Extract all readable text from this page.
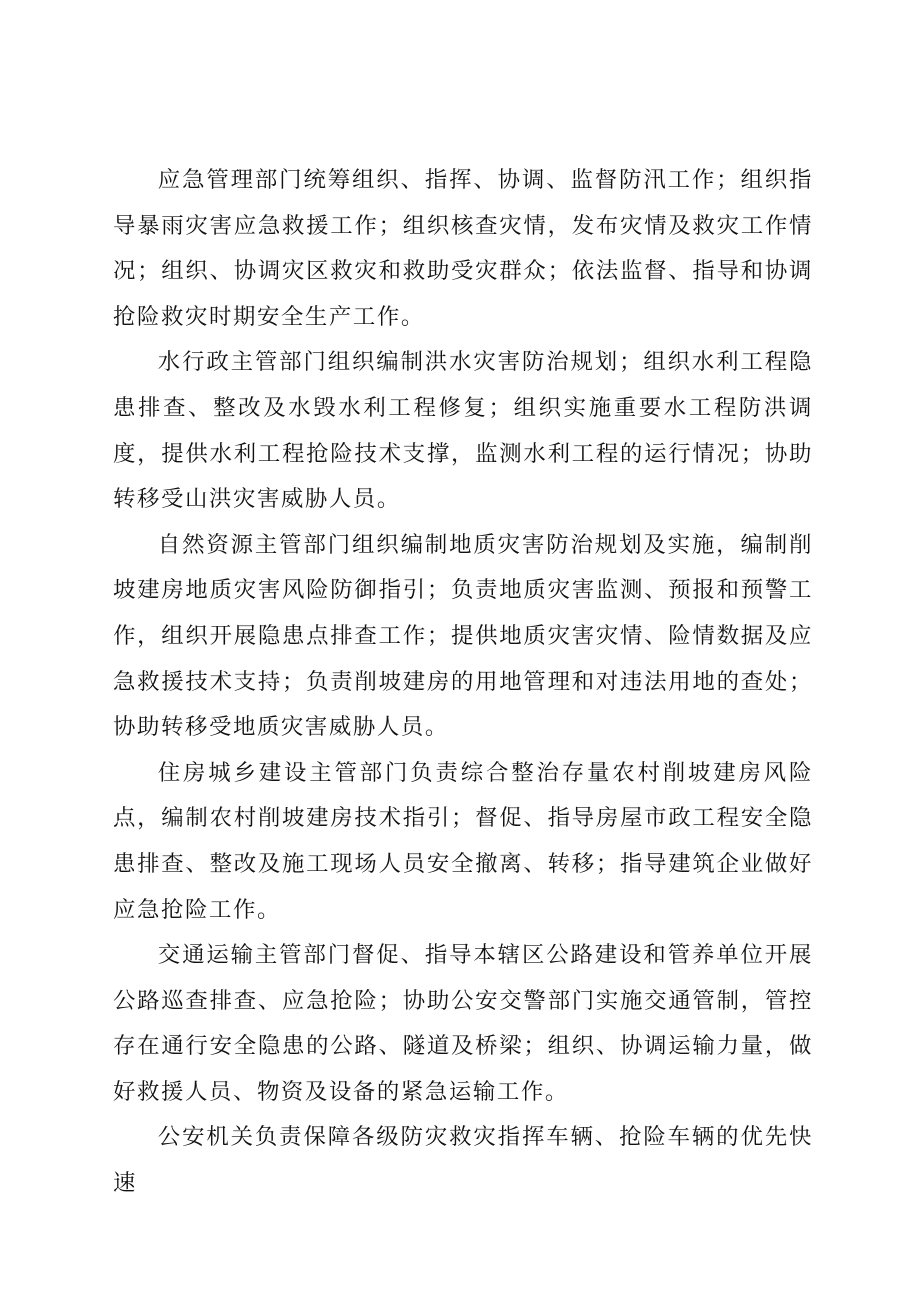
应急管理部门统筹组织、指挥、协调、监督防汛工作；组织指导暴雨灾害应急救援工作；组织核查灾情，发布灾情及救灾工作情况；组织、协调灾区救灾和救助受灾群众；依法监督、指导和协调抢险救灾时期安全生产工作。

水行政主管部门组织编制洪水灾害防治规划；组织水利工程隐患排查、整改及水毁水利工程修复；组织实施重要水工程防洪调度，提供水利工程抢险技术支撑，监测水利工程的运行情况；协助转移受山洪灾害威胁人员。

自然资源主管部门组织编制地质灾害防治规划及实施，编制削坡建房地质灾害风险防御指引；负责地质灾害监测、预报和预警工作，组织开展隐患点排查工作；提供地质灾害灾情、险情数据及应急救援技术支持；负责削坡建房的用地管理和对违法用地的查处；协助转移受地质灾害威胁人员。

住房城乡建设主管部门负责综合整治存量农村削坡建房风险点，编制农村削坡建房技术指引；督促、指导房屋市政工程安全隐患排查、整改及施工现场人员安全撤离、转移；指导建筑企业做好应急抢险工作。

交通运输主管部门督促、指导本辖区公路建设和管养单位开展公路巡查排查、应急抢险；协助公安交警部门实施交通管制，管控存在通行安全隐患的公路、隧道及桥梁；组织、协调运输力量，做好救援人员、物资及设备的紧急运输工作。

公安机关负责保障各级防灾救灾指挥车辆、抢险车辆的优先快速
